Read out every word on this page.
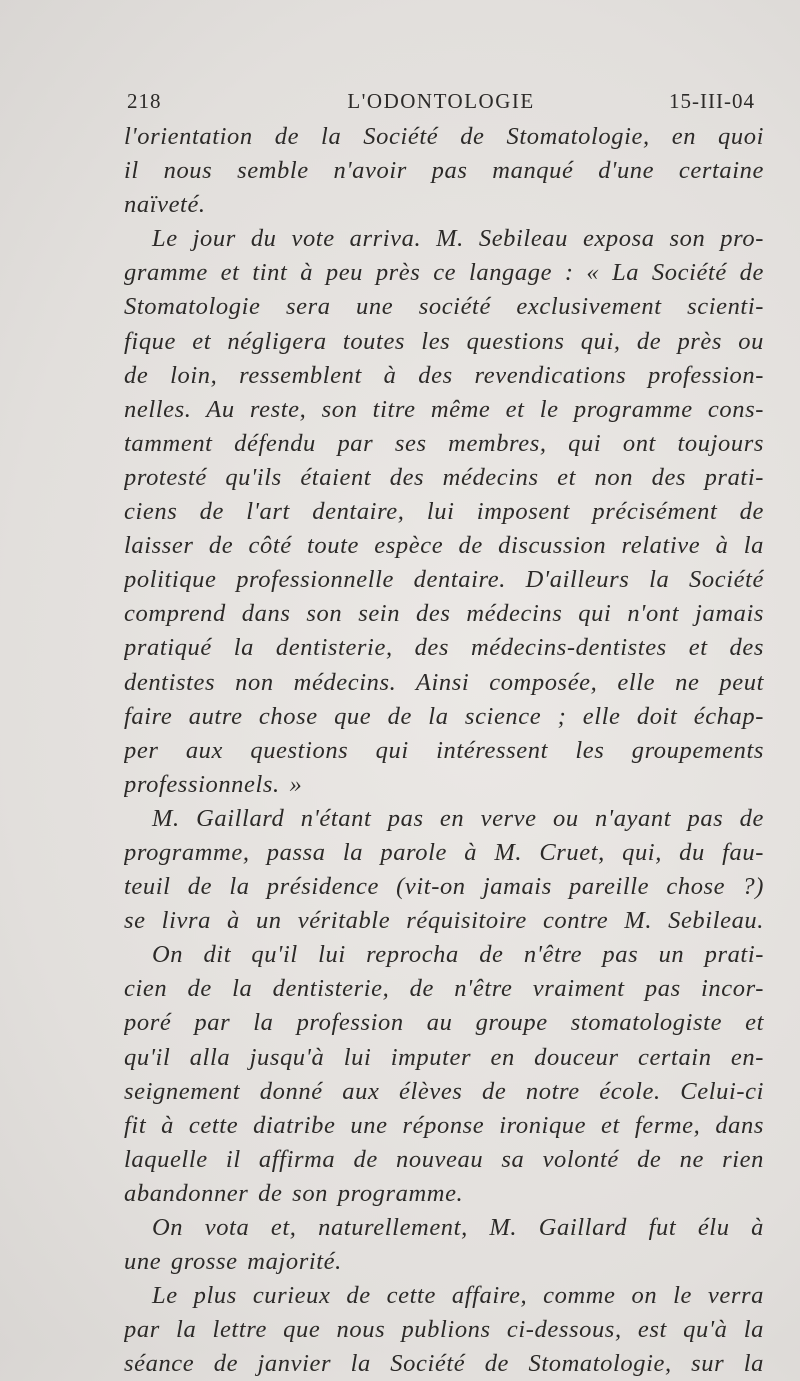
218	L'ODONTOLOGIE	15-III-04
l'orientation de la Société de Stomatologie, en quoi
il nous semble n'avoir pas manqué d'une certaine
naïveté.
Le jour du vote arriva. M. Sebileau exposa son pro-
gramme et tint à peu près ce langage : « La Société de
Stomatologie sera une société exclusivement scienti-
fique et négligera toutes les questions qui, de près ou
de loin, ressemblent à des revendications profession-
nelles. Au reste, son titre même et le programme cons-
tamment défendu par ses membres, qui ont toujours
protesté qu'ils étaient des médecins et non des prati-
ciens de l'art dentaire, lui imposent précisément de
laisser de côté toute espèce de discussion relative à la
politique professionnelle dentaire. D'ailleurs la Société
comprend dans son sein des médecins qui n'ont jamais
pratiqué la dentisterie, des médecins-dentistes et des
dentistes non médecins. Ainsi composée, elle ne peut
faire autre chose que de la science ; elle doit échap-
per aux questions qui intéressent les groupements
professionnels. »
M. Gaillard n'étant pas en verve ou n'ayant pas de
programme, passa la parole à M. Cruet, qui, du fau-
teuil de la présidence (vit-on jamais pareille chose ?)
se livra à un véritable réquisitoire contre M. Sebileau.
On dit qu'il lui reprocha de n'être pas un prati-
cien de la dentisterie, de n'être vraiment pas incor-
poré par la profession au groupe stomatologiste et
qu'il alla jusqu'à lui imputer en douceur certain en-
seignement donné aux élèves de notre école. Celui-ci
fit à cette diatribe une réponse ironique et ferme, dans
laquelle il affirma de nouveau sa volonté de ne rien
abandonner de son programme.
On vota et, naturellement, M. Gaillard fut élu à
une grosse majorité.
Le plus curieux de cette affaire, comme on le verra
par la lettre que nous publions ci-dessous, est qu'à la
séance de janvier la Société de Stomatologie, sur la
